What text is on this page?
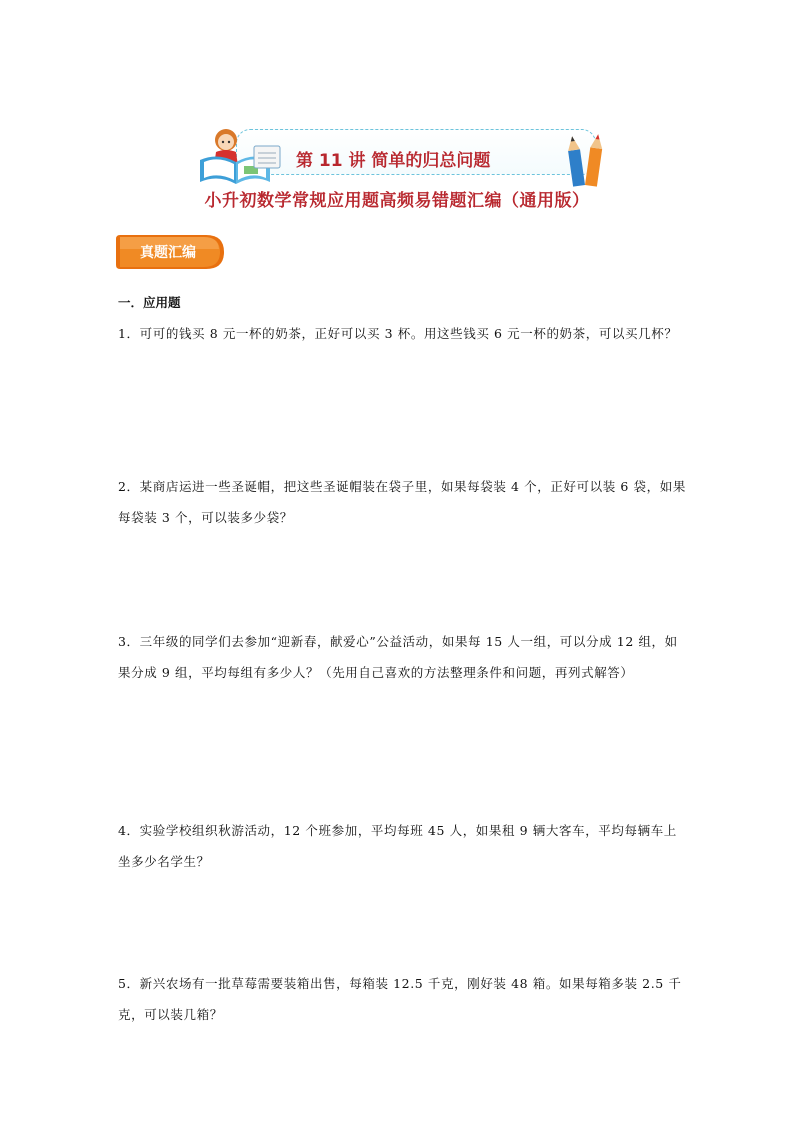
第 11 讲 简单的归总问题
小升初数学常规应用题高频易错题汇编（通用版）
真题汇编
一．应用题
1．可可的钱买 8 元一杯的奶茶，正好可以买 3 杯。用这些钱买 6 元一杯的奶茶，可以买几杯？
2．某商店运进一些圣诞帽，把这些圣诞帽装在袋子里，如果每袋装 4 个，正好可以装 6 袋，如果每袋装 3 个，可以装多少袋？
3．三年级的同学们去参加“迎新春，献爱心”公益活动，如果每 15 人一组，可以分成 12 组，如果分成 9 组，平均每组有多少人？（先用自己喜欢的方法整理条件和问题，再列式解答）
4．实验学校组织秋游活动，12 个班参加，平均每班 45 人，如果租 9 辆大客车，平均每辆车上坐多少名学生？
5．新兴农场有一批草莓需要装箱出售，每箱装 12.5 千克，刚好装 48 箱。如果每箱多装 2.5 千克，可以装几箱？
